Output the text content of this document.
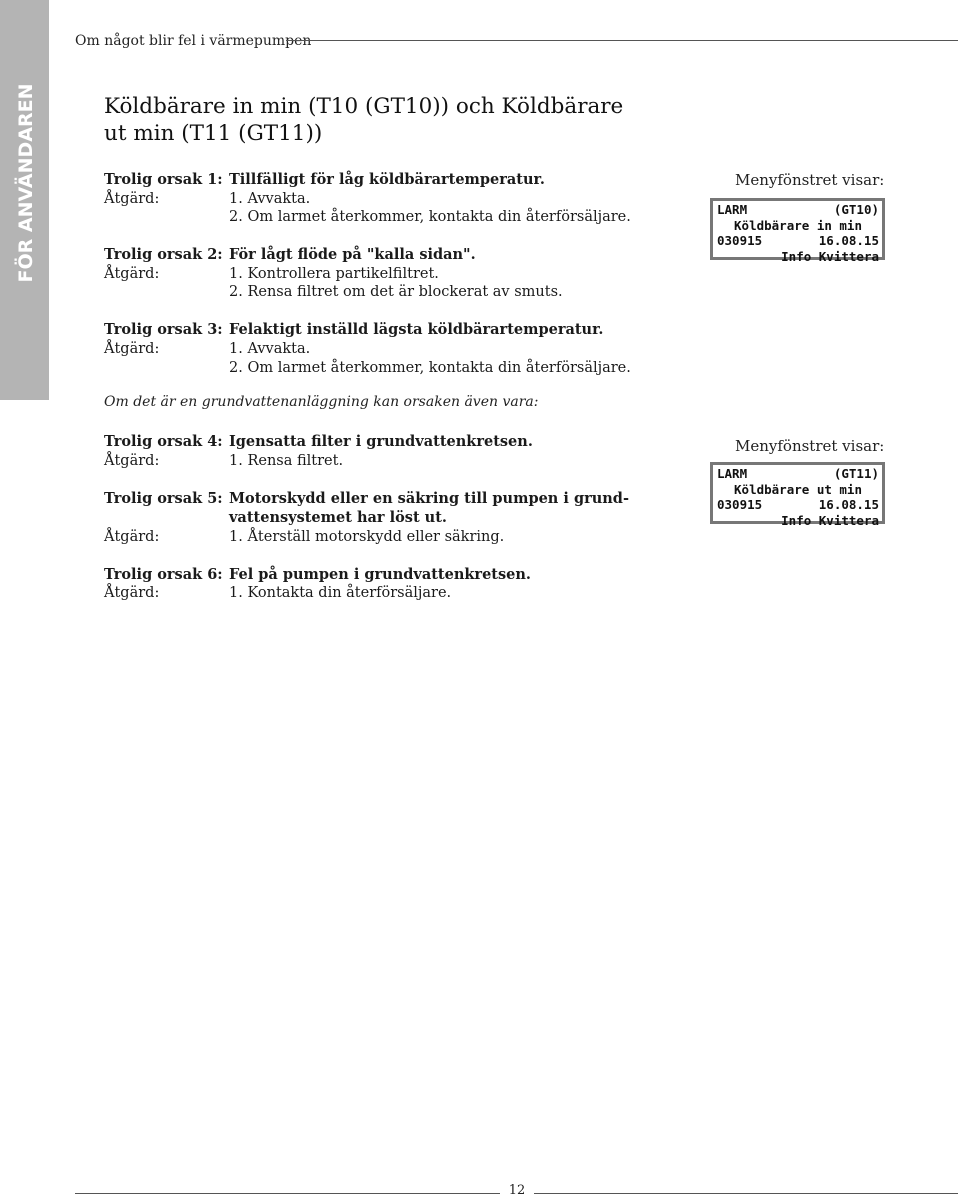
Om något blir fel i värmepumpen
FÖR ANVÄNDAREN	Köldbärare in min (T10 (GT10)) och Köldbärare
ut min (T11 (GT11))
Trolig orsak 1: Tillfälligt för låg köldbärartemperatur.
Åtgärd:	1. Avvakta.
2. Om larmet återkommer, kontakta din återförsäljare.
Trolig orsak 2: För lågt flöde på "kalla sidan".
Åtgärd:	1. Kontrollera partikelfiltret.
2. Rensa filtret om det är blockerat av smuts.
Trolig orsak 3: Felaktigt inställd lägsta köldbärartemperatur.
Åtgärd:	1. Avvakta.
2. Om larmet återkommer, kontakta din återförsäljare.
Om det är en grundvattenanläggning kan orsaken även vara:
Trolig orsak 4: Igensatta filter i grundvattenkretsen.
Åtgärd:	1. Rensa filtret.
Trolig orsak 5: Motorskydd eller en säkring till pumpen i grund-
vattensystemet har löst ut.
Åtgärd:	1. Återställ motorskydd eller säkring.
Trolig orsak 6: Fel på pumpen i grundvattenkretsen.
Åtgärd:	1. Kontakta din återförsäljare.
Menyfönstret visar:
LARM	(GT10)
Köldbärare in min
030915	16.08.15
Info Kvittera
Menyfönstret visar:
LARM	(GT11)
Köldbärare ut min
030915	16.08.15
Info Kvittera
12
